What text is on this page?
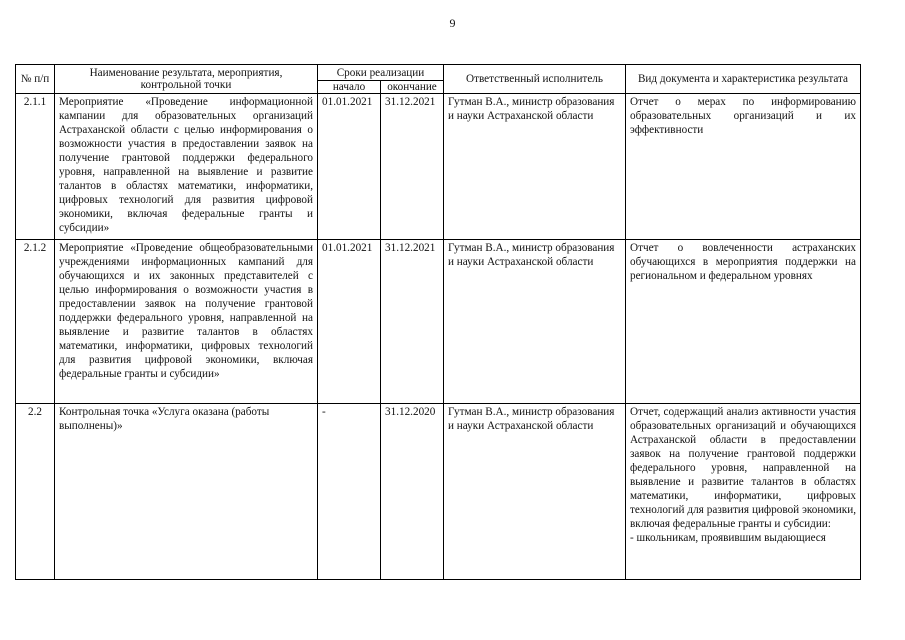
9
№ п/п	Наименование результата, мероприятия, контрольной точки	Сроки реализации		Ответственный исполнитель	Вид документа и характеристика результата
		начало	окончание		
2.1.1	Мероприятие «Проведение информационной кампании для образовательных организаций Астраханской области с целью информирования о возможности участия в предоставлении заявок на получение грантовой поддержки федерального уровня, направленной на выявление и развитие талантов в областях математики, информатики, цифровых технологий для развития цифровой экономики, включая федеральные гранты и субсидии»	01.01.2021	31.12.2021	Гутман В.А., министр образования и науки Астраханской области	Отчет о мерах по информированию образовательных организаций и их эффективности
2.1.2	Мероприятие «Проведение общеобразовательными учреждениями информационных кампаний для обучающихся и их законных представителей с целью информирования о возможности участия в предоставлении заявок на получение грантовой поддержки федерального уровня, направленной на выявление и развитие талантов в областях математики, информатики, цифровых технологий для развития цифровой экономики, включая федеральные гранты и субсидии»	01.01.2021	31.12.2021	Гутман В.А., министр образования и науки Астраханской области	Отчет о вовлеченности астраханских обучающихся в мероприятия поддержки на региональном и федеральном уровнях
2.2	Контрольная точка «Услуга оказана (работы выполнены)»	-	31.12.2020	Гутман В.А., министр образования и науки Астраханской области	Отчет, содержащий анализ активности участия образовательных организаций и обучающихся Астраханской области в предоставлении заявок на получение грантовой поддержки федерального уровня, направленной на выявление и развитие талантов в областях математики, информатики, цифровых технологий для развития цифровой экономики, включая федеральные гранты и субсидии:
- школьникам, проявившим выдающиеся
